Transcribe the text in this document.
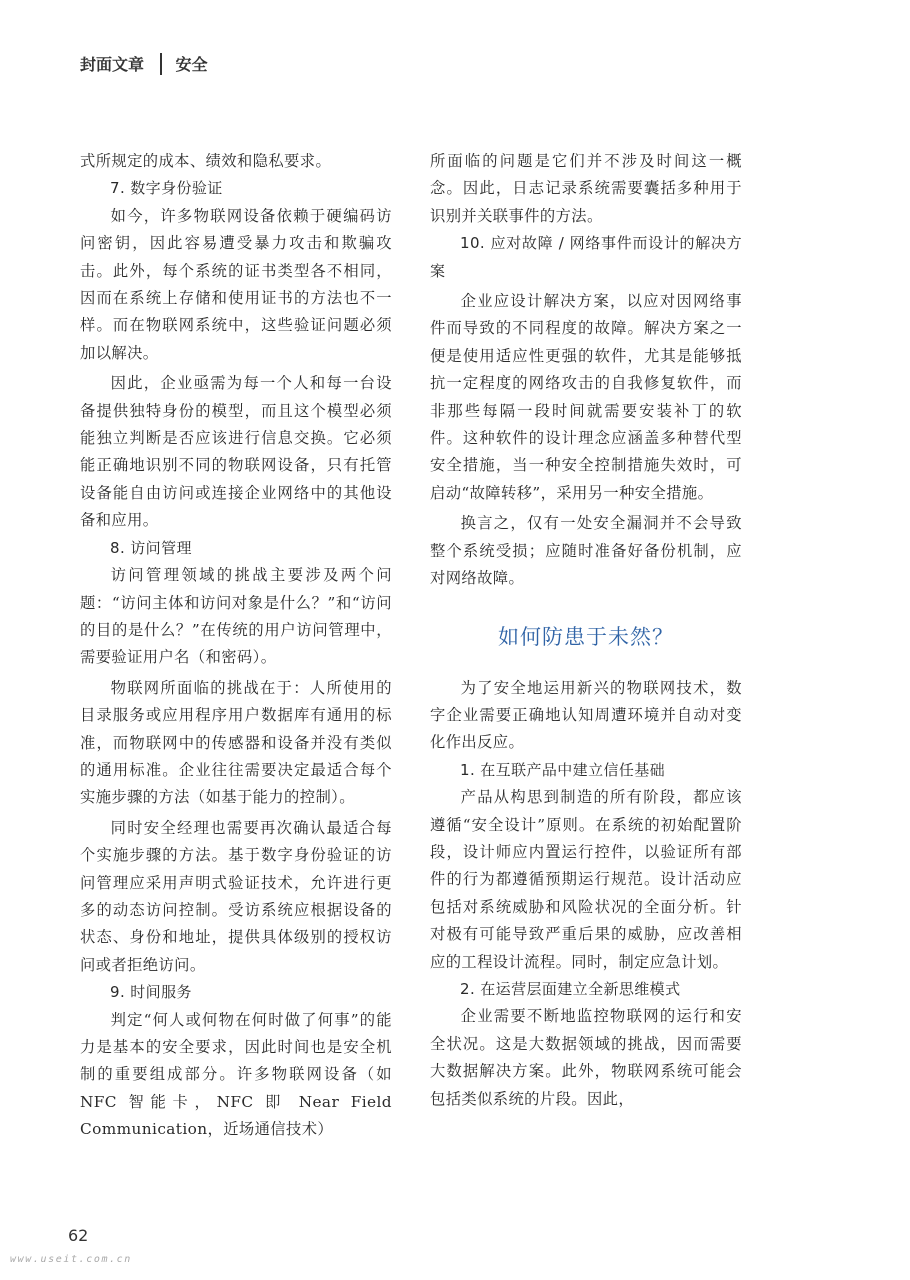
封面文章 安全

式所规定的成本、绩效和隐私要求。

7. 数字身份验证

如今，许多物联网设备依赖于硬编码访问密钥，因此容易遭受暴力攻击和欺骗攻击。此外，每个系统的证书类型各不相同，因而在系统上存储和使用证书的方法也不一样。而在物联网系统中，这些验证问题必须加以解决。

因此，企业亟需为每一个人和每一台设备提供独特身份的模型，而且这个模型必须能独立判断是否应该进行信息交换。它必须能正确地识别不同的物联网设备，只有托管设备能自由访问或连接企业网络中的其他设备和应用。

8. 访问管理

访问管理领域的挑战主要涉及两个问题：“访问主体和访问对象是什么？”和“访问的目的是什么？”在传统的用户访问管理中，需要验证用户名（和密码）。

物联网所面临的挑战在于：人所使用的目录服务或应用程序用户数据库有通用的标准，而物联网中的传感器和设备并没有类似的通用标准。企业往往需要决定最适合每个实施步骤的方法（如基于能力的控制）。

同时安全经理也需要再次确认最适合每个实施步骤的方法。基于数字身份验证的访问管理应采用声明式验证技术，允许进行更多的动态访问控制。受访系统应根据设备的状态、身份和地址，提供具体级别的授权访问或者拒绝访问。

9. 时间服务

判定“何人或何物在何时做了何事”的能力是基本的安全要求，因此时间也是安全机制的重要组成部分。许多物联网设备（如 NFC 智能卡，NFC 即 Near Field Communication，近场通信技术）

所面临的问题是它们并不涉及时间这一概念。因此，日志记录系统需要囊括多种用于识别并关联事件的方法。

10. 应对故障 / 网络事件而设计的解决方案

企业应设计解决方案，以应对因网络事件而导致的不同程度的故障。解决方案之一便是使用适应性更强的软件，尤其是能够抵抗一定程度的网络攻击的自我修复软件，而非那些每隔一段时间就需要安装补丁的软件。这种软件的设计理念应涵盖多种替代型安全措施，当一种安全控制措施失效时，可启动“故障转移”，采用另一种安全措施。

换言之，仅有一处安全漏洞并不会导致整个系统受损；应随时准备好备份机制，应对网络故障。

如何防患于未然？

为了安全地运用新兴的物联网技术，数字企业需要正确地认知周遭环境并自动对变化作出反应。

1. 在互联产品中建立信任基础

产品从构思到制造的所有阶段，都应该遵循“安全设计”原则。在系统的初始配置阶段，设计师应内置运行控件，以验证所有部件的行为都遵循预期运行规范。设计活动应包括对系统威胁和风险状况的全面分析。针对极有可能导致严重后果的威胁，应改善相应的工程设计流程。同时，制定应急计划。

2. 在运营层面建立全新思维模式

企业需要不断地监控物联网的运行和安全状况。这是大数据领域的挑战，因而需要大数据解决方案。此外，物联网系统可能会包括类似系统的片段。因此，

62
www.useit.com.cn
